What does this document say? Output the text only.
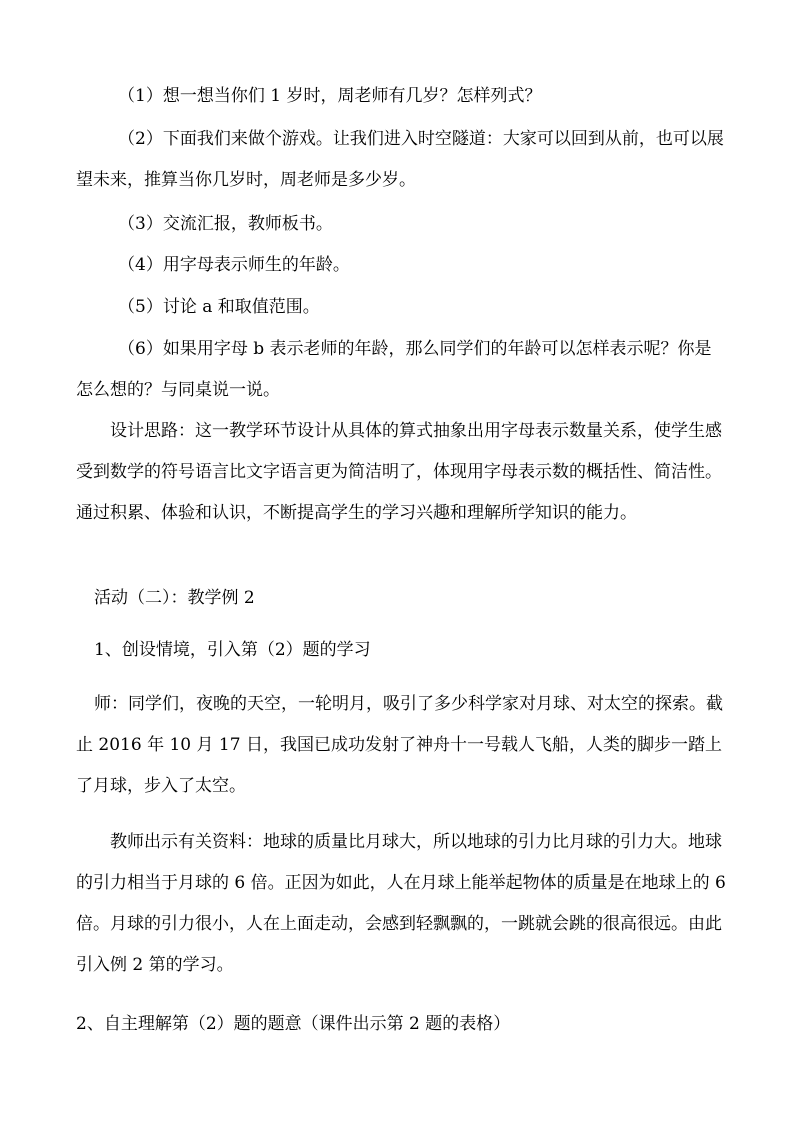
（1）想一想当你们 1 岁时，周老师有几岁？怎样列式？

（2）下面我们来做个游戏。让我们进入时空隧道：大家可以回到从前，也可以展望未来，推算当你几岁时，周老师是多少岁。

（3）交流汇报，教师板书。

（4）用字母表示师生的年龄。

（5）讨论 a 和取值范围。

（6）如果用字母 b 表示老师的年龄，那么同学们的年龄可以怎样表示呢？你是怎么想的？与同桌说一说。

设计思路：这一教学环节设计从具体的算式抽象出用字母表示数量关系，使学生感受到数学的符号语言比文字语言更为简洁明了，体现用字母表示数的概括性、简洁性。通过积累、体验和认识，不断提高学生的学习兴趣和理解所学知识的能力。

活动（二）：教学例 2

1、创设情境，引入第（2）题的学习

师：同学们，夜晚的天空，一轮明月，吸引了多少科学家对月球、对太空的探索。截止 2016 年 10 月 17 日，我国已成功发射了神舟十一号载人飞船，人类的脚步一踏上了月球，步入了太空。

教师出示有关资料：地球的质量比月球大，所以地球的引力比月球的引力大。地球的引力相当于月球的 6 倍。正因为如此，人在月球上能举起物体的质量是在地球上的 6 倍。月球的引力很小，人在上面走动，会感到轻飘飘的，一跳就会跳的很高很远。由此引入例 2 第的学习。

2、自主理解第（2）题的题意（课件出示第 2 题的表格）
